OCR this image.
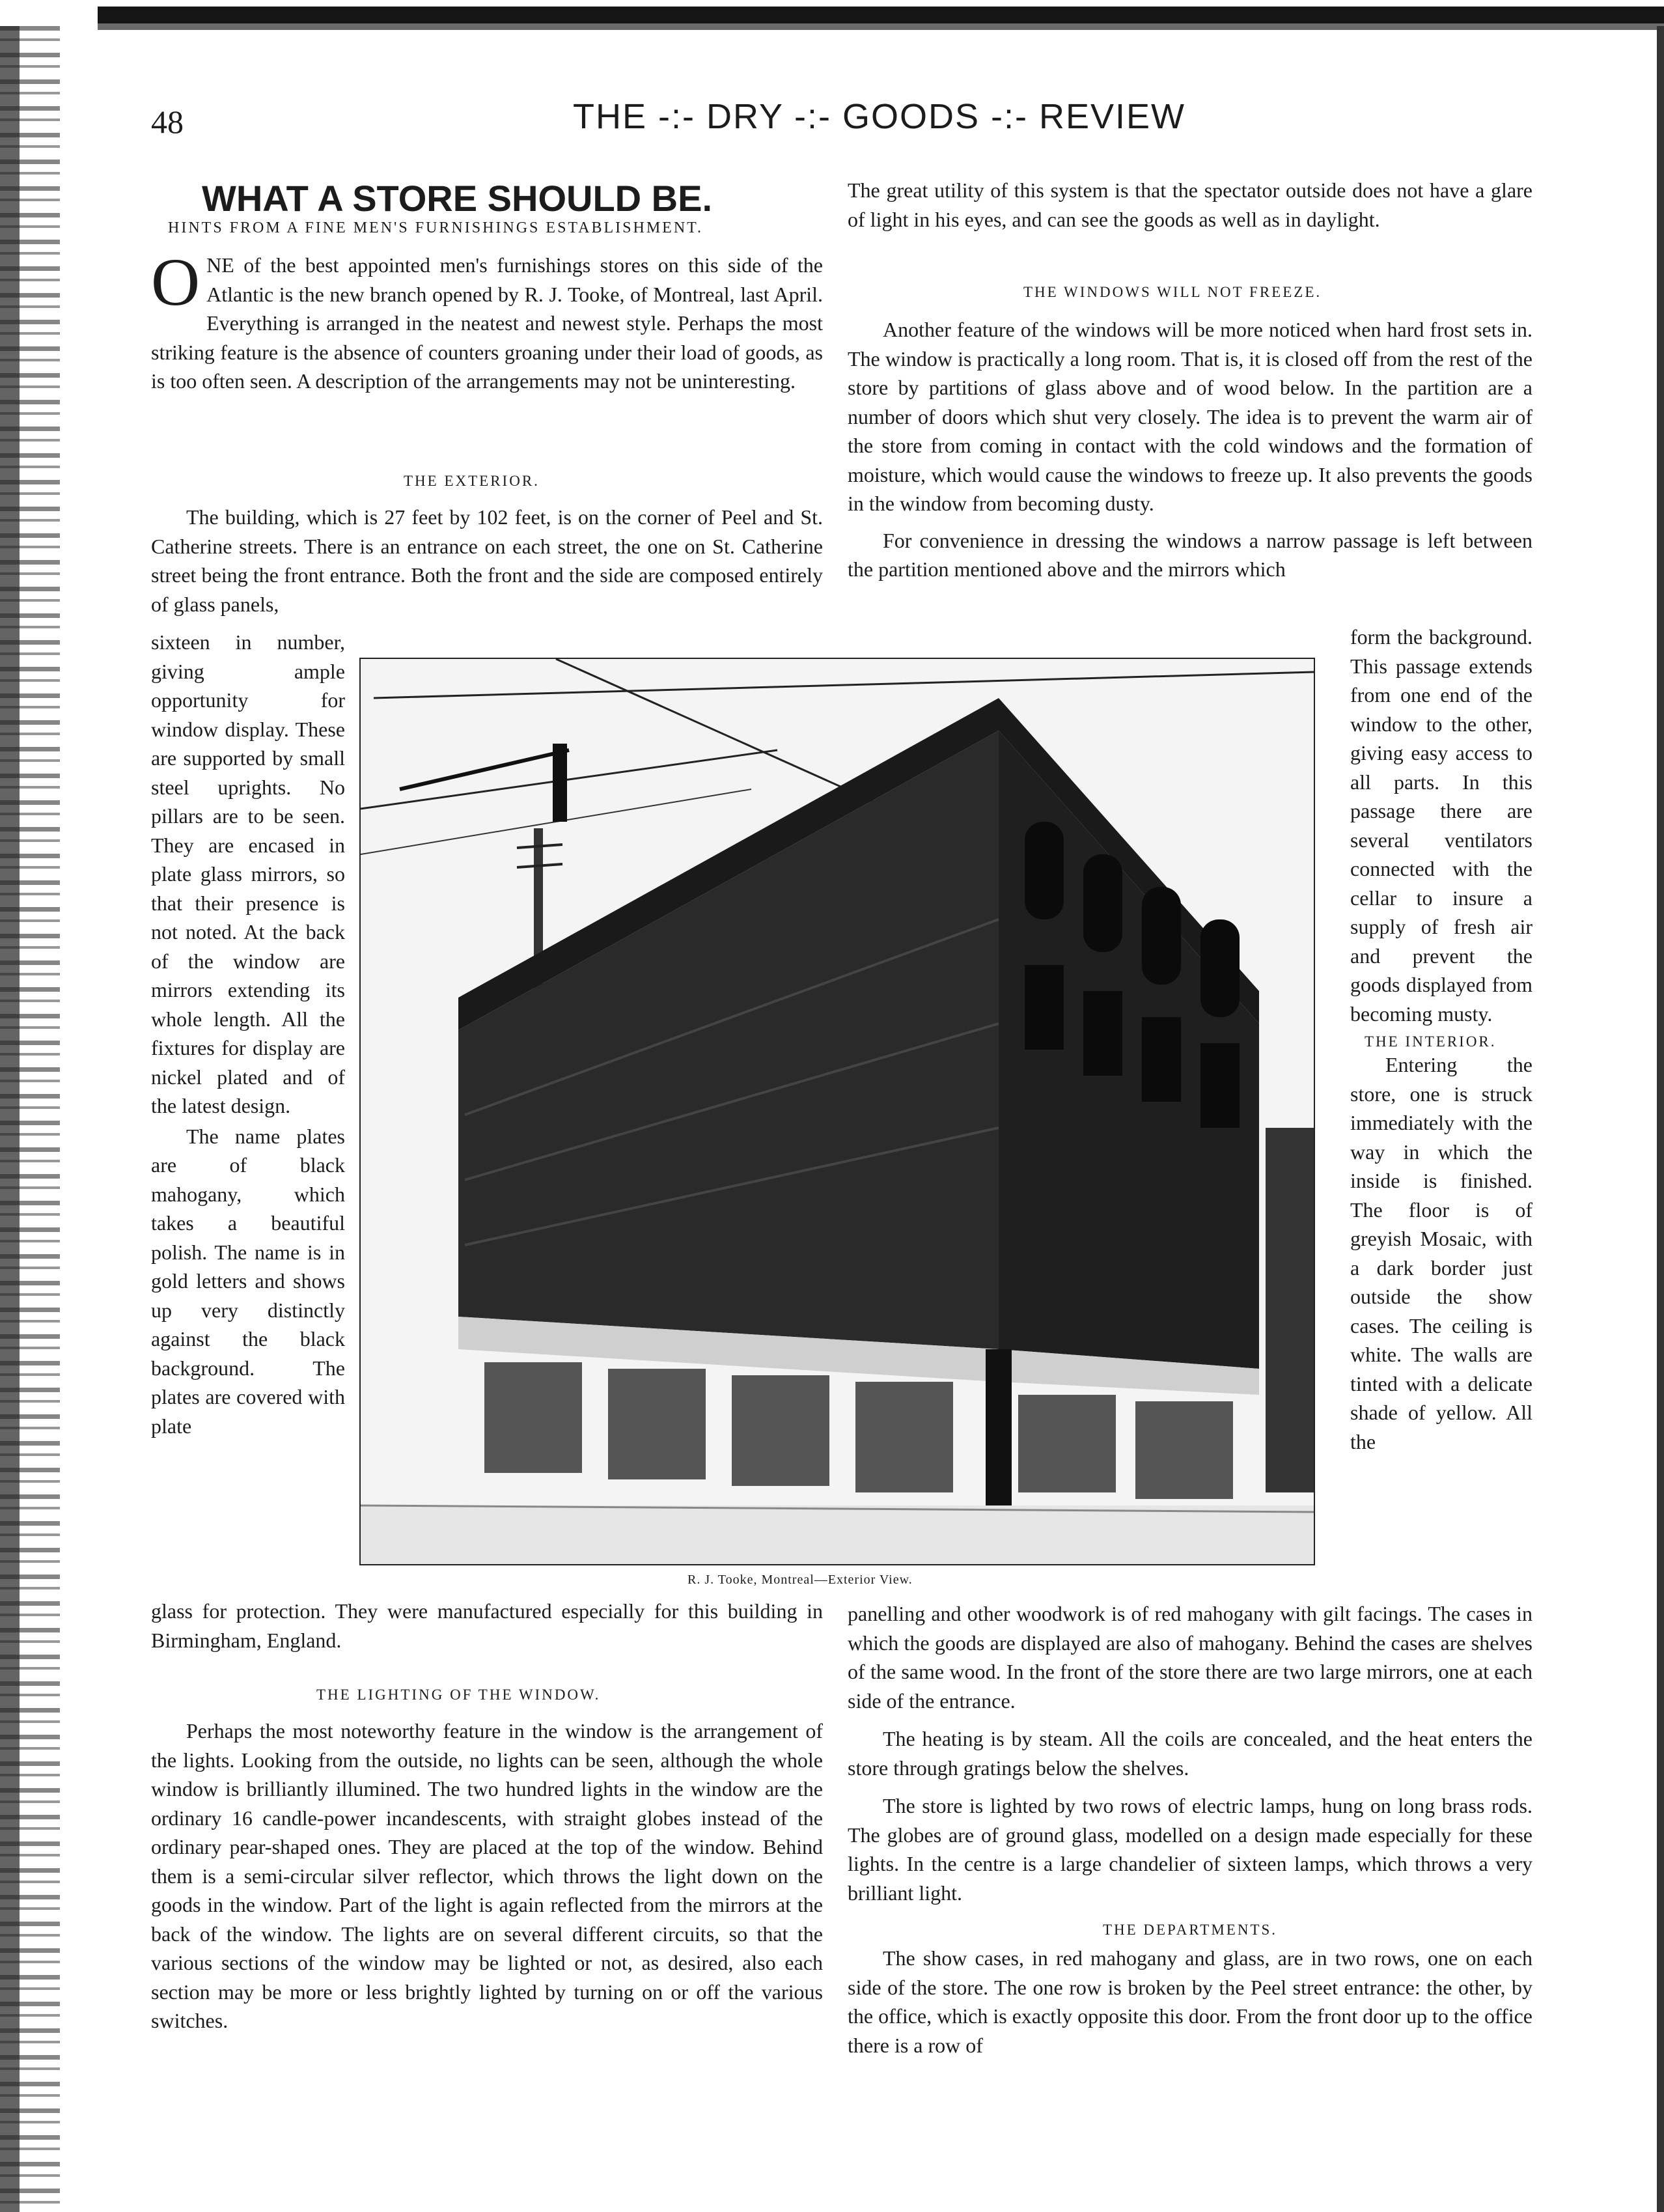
48	THE -:- DRY -:- GOODS -:- REVIEW
WHAT A STORE SHOULD BE.
HINTS FROM A FINE MEN'S FURNISHINGS ESTABLISHMENT.

ONE of the best appointed men's furnishings stores on this side of the Atlantic is the new branch opened by R. J. Tooke, of Montreal, last April. Everything is arranged in the neatest and newest style. Perhaps the most striking feature is the absence of counters groaning under their load of goods, as is too often seen. A description of the arrangements may not be uninteresting.

THE EXTERIOR.

The building, which is 27 feet by 102 feet, is on the corner of Peel and St. Catherine streets. There is an entrance on each street, the one on St. Catherine street being the front entrance. Both the front and the side are composed entirely of glass panels,

sixteen in number, giving ample opportunity for window display. These are supported by small steel uprights. No pillars are to be seen. They are encased in plate glass mirrors, so that their presence is not noted. At the back of the window are mirrors extending its whole length. All the fixtures for display are nickel plated and of the latest design.

The name plates are of black mahogany, which takes a beautiful polish. The name is in gold letters and shows up very distinctly against the black background. The plates are covered with plate

glass for protection. They were manufactured especially for this building in Birmingham, England.

THE LIGHTING OF THE WINDOW.

Perhaps the most noteworthy feature in the window is the arrangement of the lights. Looking from the outside, no lights can be seen, although the whole window is brilliantly illumined. The two hundred lights in the window are the ordinary 16 candle-power incandescents, with straight globes instead of the ordinary pear-shaped ones. They are placed at the top of the window. Behind them is a semi-circular silver reflector, which throws the light down on the goods in the window. Part of the light is again reflected from the mirrors at the back of the window. The lights are on several different circuits, so that the various sections of the window may be lighted or not, as desired, also each section may be more or less brightly lighted by turning on or off the various switches.

The great utility of this system is that the spectator outside does not have a glare of light in his eyes, and can see the goods as well as in daylight.

THE WINDOWS WILL NOT FREEZE.

Another feature of the windows will be more noticed when hard frost sets in. The window is practically a long room. That is, it is closed off from the rest of the store by partitions of glass above and of wood below. In the partition are a number of doors which shut very closely. The idea is to prevent the warm air of the store from coming in contact with the cold windows and the formation of moisture, which would cause the windows to freeze up. It also prevents the goods in the window from becoming dusty.

For convenience in dressing the windows a narrow passage is left between the partition mentioned above and the mirrors which

form the background. This passage extends from one end of the window to the other, giving easy access to all parts. In this passage there are several ventilators connected with the cellar to insure a supply of fresh air and prevent the goods displayed from becoming musty.

THE INTERIOR.

Entering the store, one is struck immediately with the way in which the inside is finished. The floor is of greyish Mosaic, with a dark border just outside the show cases. The ceiling is white. The walls are tinted with a delicate shade of yellow. All the

panelling and other woodwork is of red mahogany with gilt facings. The cases in which the goods are displayed are also of mahogany. Behind the cases are shelves of the same wood. In the front of the store there are two large mirrors, one at each side of the entrance.

The heating is by steam. All the coils are concealed, and the heat enters the store through gratings below the shelves.

The store is lighted by two rows of electric lamps, hung on long brass rods. The globes are of ground glass, modelled on a design made especially for these lights. In the centre is a large chandelier of sixteen lamps, which throws a very brilliant light.

THE DEPARTMENTS.

The show cases, in red mahogany and glass, are in two rows, one on each side of the store. The one row is broken by the Peel street entrance: the other, by the office, which is exactly opposite this door. From the front door up to the office there is a row of

R. J. Tooke, Montreal—Exterior View.
